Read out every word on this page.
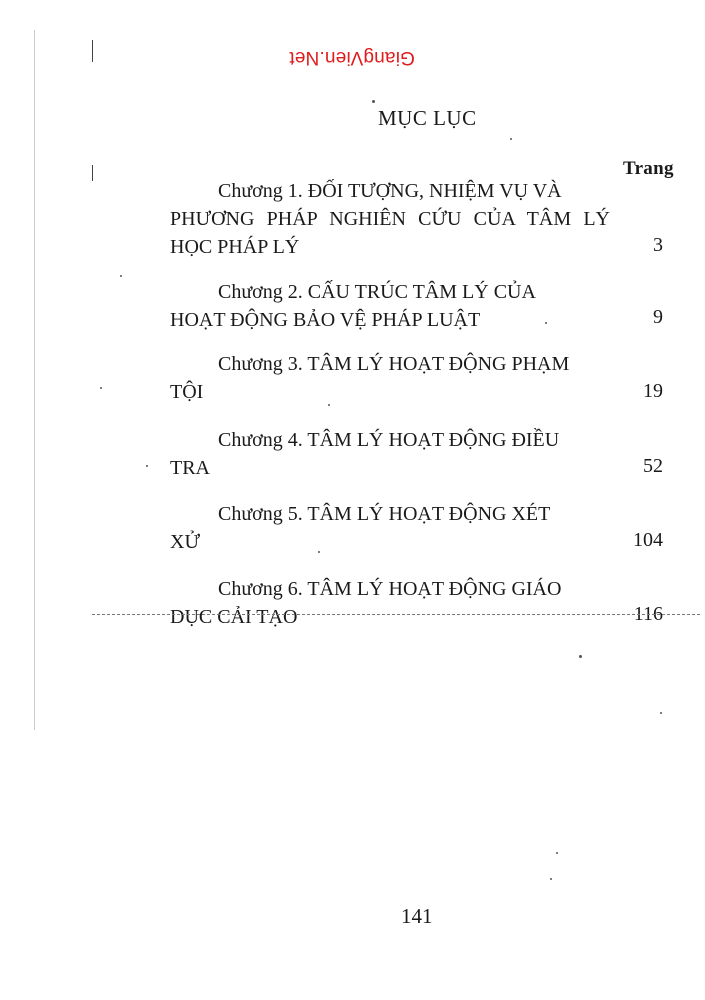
GiangVien.Net
MỤC LỤC
Trang
Chương 1. ĐỐI TƯỢNG, NHIỆM VỤ VÀ
PHƯƠNG PHÁP NGHIÊN CỨU CỦA TÂM LÝ
HỌC PHÁP LÝ	3
Chương 2. CẤU TRÚC TÂM LÝ CỦA
HOẠT ĐỘNG BẢO VỆ PHÁP LUẬT	9
Chương 3. TÂM LÝ HOẠT ĐỘNG PHẠM
TỘI	19
Chương 4. TÂM LÝ HOẠT ĐỘNG ĐIỀU
TRA	52
Chương 5. TÂM LÝ HOẠT ĐỘNG XÉT
XỬ	104
Chương 6. TÂM LÝ HOẠT ĐỘNG GIÁO
DỤC CẢI TẠO	116
141
